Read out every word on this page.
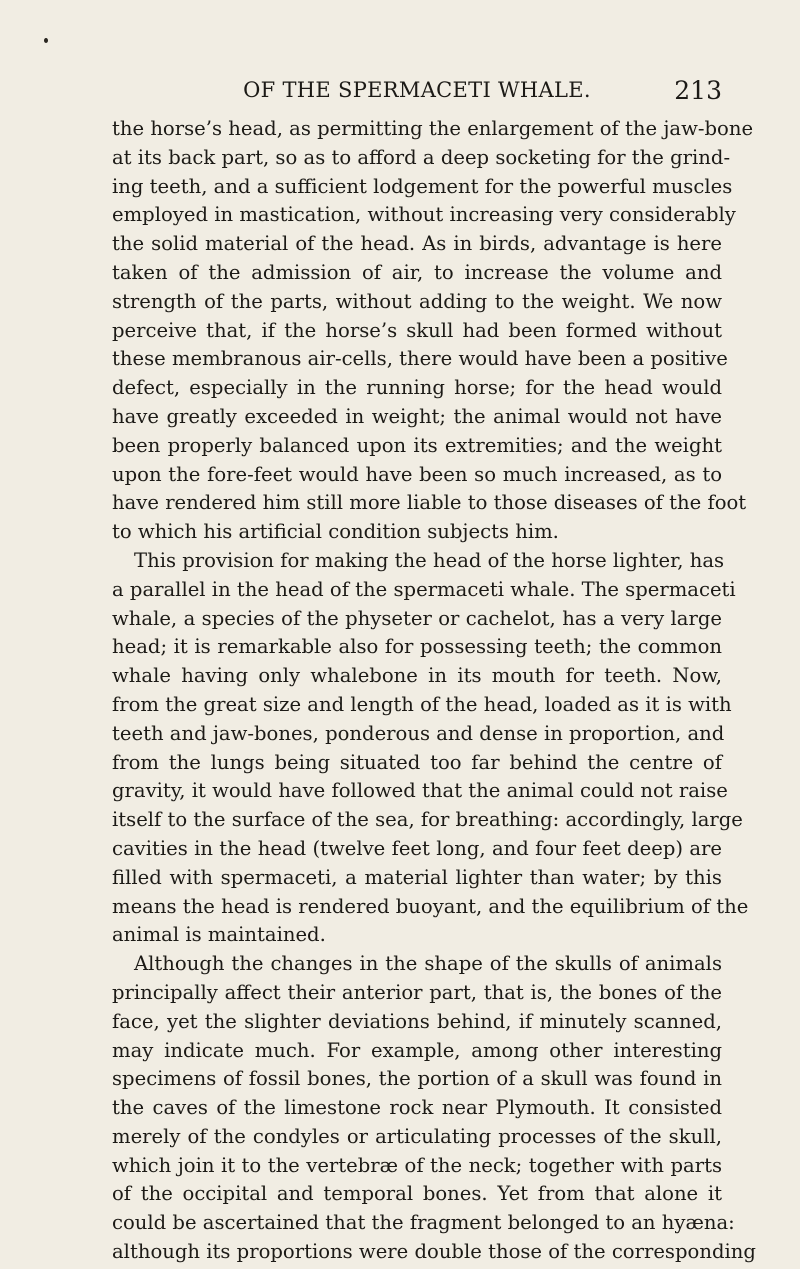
OF THE SPERMACETI WHALE.	213
the horse’s head, as permitting the enlargement of the jaw-bone
at its back part, so as to afford a deep socketing for the grind-
ing teeth, and a sufficient lodgement for the powerful muscles
employed in mastication, without increasing very considerably
the solid material of the head. As in birds, advantage is here
taken of the admission of air, to increase the volume and
strength of the parts, without adding to the weight. We now
perceive that, if the horse’s skull had been formed without
these membranous air-cells, there would have been a positive
defect, especially in the running horse; for the head would
have greatly exceeded in weight; the animal would not have
been properly balanced upon its extremities; and the weight
upon the fore-feet would have been so much increased, as to
have rendered him still more liable to those diseases of the foot
to which his artificial condition subjects him.
This provision for making the head of the horse lighter, has
a parallel in the head of the spermaceti whale. The spermaceti
whale, a species of the physeter or cachelot, has a very large
head; it is remarkable also for possessing teeth; the common
whale having only whalebone in its mouth for teeth. Now,
from the great size and length of the head, loaded as it is with
teeth and jaw-bones, ponderous and dense in proportion, and
from the lungs being situated too far behind the centre of
gravity, it would have followed that the animal could not raise
itself to the surface of the sea, for breathing: accordingly, large
cavities in the head (twelve feet long, and four feet deep) are
filled with spermaceti, a material lighter than water; by this
means the head is rendered buoyant, and the equilibrium of the
animal is maintained.
Although the changes in the shape of the skulls of animals
principally affect their anterior part, that is, the bones of the
face, yet the slighter deviations behind, if minutely scanned,
may indicate much. For example, among other interesting
specimens of fossil bones, the portion of a skull was found in
the caves of the limestone rock near Plymouth. It consisted
merely of the condyles or articulating processes of the skull,
which join it to the vertebræ of the neck; together with parts
of the occipital and temporal bones. Yet from that alone it
could be ascertained that the fragment belonged to an hyæna:
although its proportions were double those of the corresponding
